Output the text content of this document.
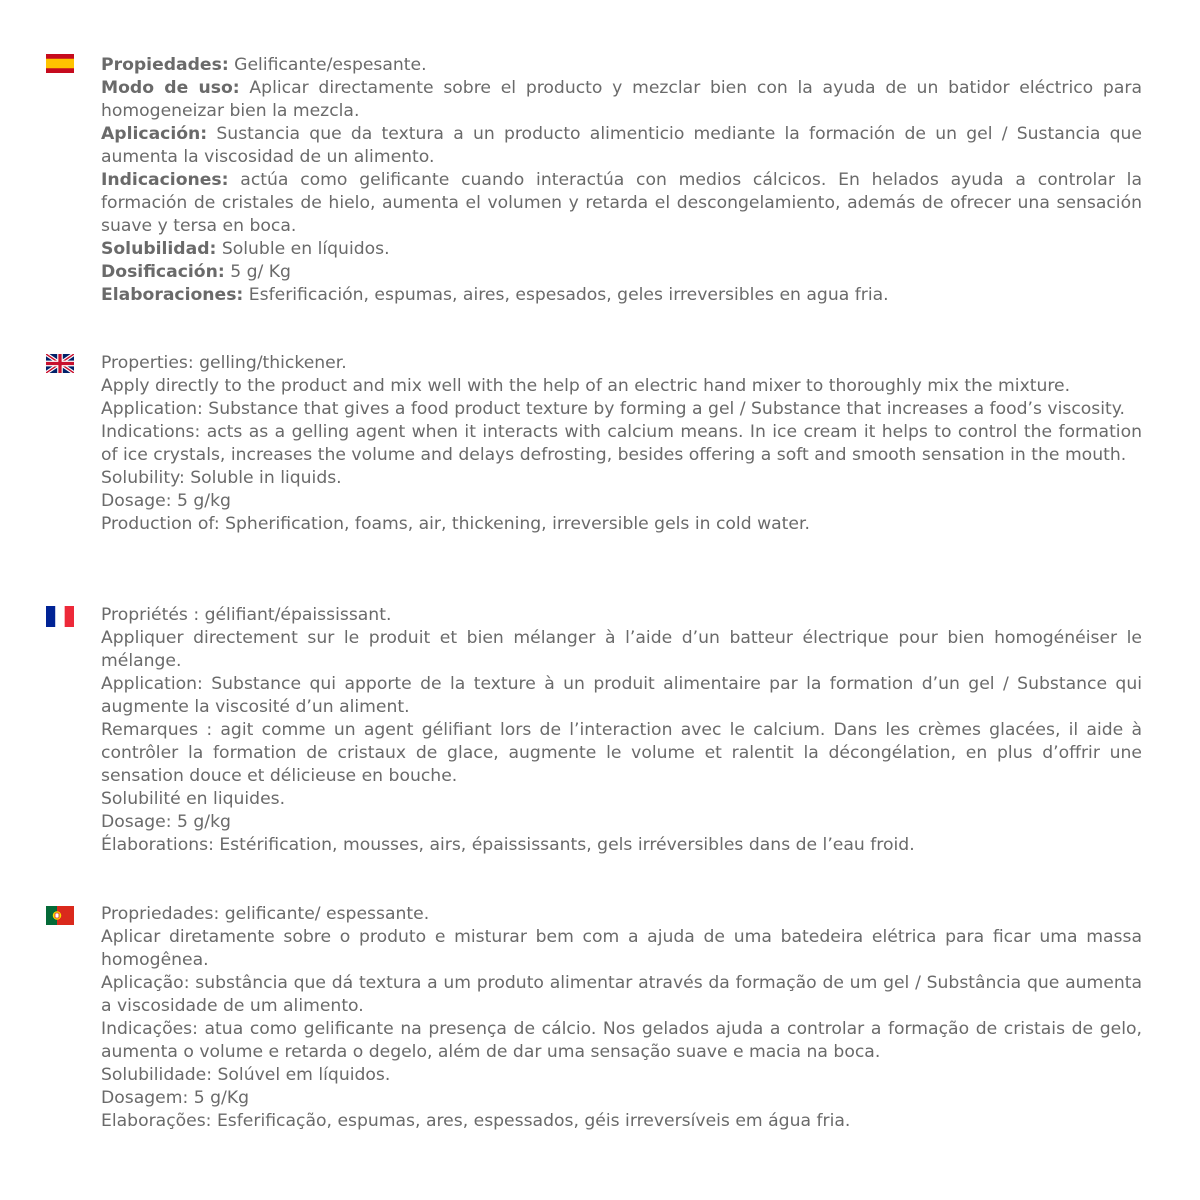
Propiedades: Gelificante/espesante.
Modo de uso: Aplicar directamente sobre el producto y mezclar bien con la ayuda de un batidor eléctrico para homogeneizar bien la mezcla.
Aplicación: Sustancia que da textura a un producto alimenticio mediante la formación de un gel / Sustancia que aumenta la viscosidad de un alimento.
Indicaciones: actúa como gelificante cuando interactúa con medios cálcicos. En helados ayuda a controlar la formación de cristales de hielo, aumenta el volumen y retarda el descongelamiento, además de ofrecer una sensación suave y tersa en boca.
Solubilidad: Soluble en líquidos.
Dosificación: 5 g/ Kg
Elaboraciones: Esferificación, espumas, aires, espesados, geles irreversibles en agua fria.
Properties: gelling/thickener.
Apply directly to the product and mix well with the help of an electric hand mixer to thoroughly mix the mixture.
Application: Substance that gives a food product texture by forming a gel / Substance that increases a food’s viscosity.
Indications: acts as a gelling agent when it interacts with calcium means. In ice cream it helps to control the formation of ice crystals, increases the volume and delays defrosting, besides offering a soft and smooth sensation in the mouth.
Solubility: Soluble in liquids.
Dosage: 5 g/kg
Production of: Spherification, foams, air, thickening, irreversible gels in cold water.
Propriétés : gélifiant/épaississant.
Appliquer directement sur le produit et bien mélanger à l’aide d’un batteur électrique pour bien homogénéiser le mélange.
Application: Substance qui apporte de la texture à un produit alimentaire par la formation d’un gel / Substance qui augmente la viscosité d’un aliment.
Remarques : agit comme un agent gélifiant lors de l’interaction avec le calcium. Dans les crèmes glacées, il aide à contrôler la formation de cristaux de glace, augmente le volume et ralentit la décongélation, en plus d’offrir une sensation douce et délicieuse en bouche.
Solubilité en liquides.
Dosage: 5 g/kg
Élaborations: Estérification, mousses, airs, épaississants, gels irréversibles dans de l’eau froid.
Propriedades: gelificante/ espessante.
Aplicar diretamente sobre o produto e misturar bem com a ajuda de uma batedeira elétrica para ficar uma massa homogênea.
Aplicação: substância que dá textura a um produto alimentar através da formação de um gel / Substância que aumenta a viscosidade de um alimento.
Indicações: atua como gelificante na presença de cálcio. Nos gelados ajuda a controlar a formação de cristais de gelo, aumenta o volume e retarda o degelo, além de dar uma sensação suave e macia na boca.
Solubilidade: Solúvel em líquidos.
Dosagem: 5 g/Kg
Elaborações: Esferificação, espumas, ares, espessados, géis irreversíveis em água fria.
